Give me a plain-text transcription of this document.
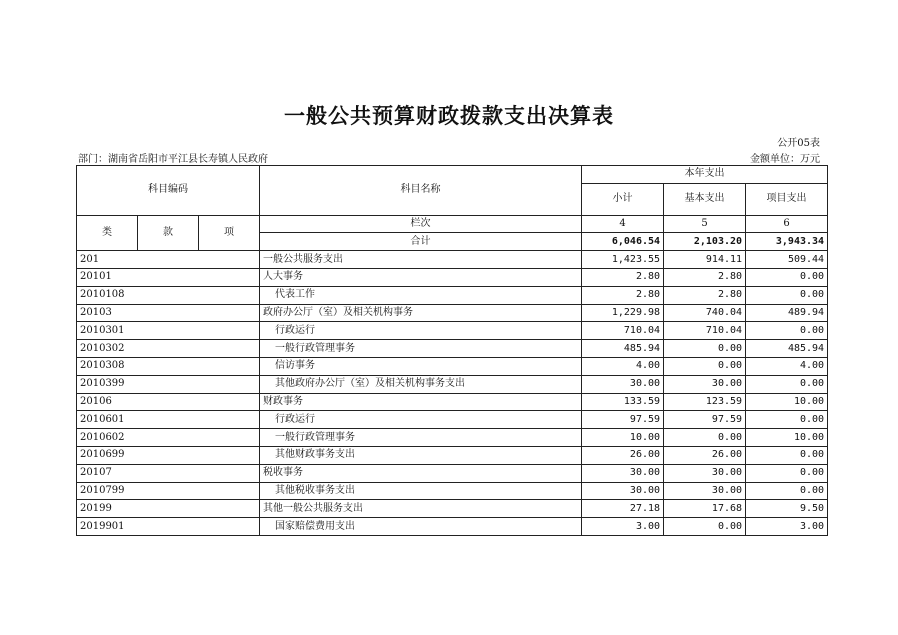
一般公共预算财政拨款支出决算表
公开05表
部门：湖南省岳阳市平江县长寿镇人民政府	金额单位：万元
科目编码			科目名称	本年支出		
				小计	基本支出	项目支出
类	款	项	栏次	4	5	6
			合计	6,046.54	2,103.20	3,943.34
201			一般公共服务支出	1,423.55	914.11	509.44
20101			人大事务	2.80	2.80	0.00
2010108			代表工作	2.80	2.80	0.00
20103			政府办公厅（室）及相关机构事务	1,229.98	740.04	489.94
2010301			行政运行	710.04	710.04	0.00
2010302			一般行政管理事务	485.94	0.00	485.94
2010308			信访事务	4.00	0.00	4.00
2010399			其他政府办公厅（室）及相关机构事务支出	30.00	30.00	0.00
20106			财政事务	133.59	123.59	10.00
2010601			行政运行	97.59	97.59	0.00
2010602			一般行政管理事务	10.00	0.00	10.00
2010699			其他财政事务支出	26.00	26.00	0.00
20107			税收事务	30.00	30.00	0.00
2010799			其他税收事务支出	30.00	30.00	0.00
20199			其他一般公共服务支出	27.18	17.68	9.50
2019901			国家赔偿费用支出	3.00	0.00	3.00
